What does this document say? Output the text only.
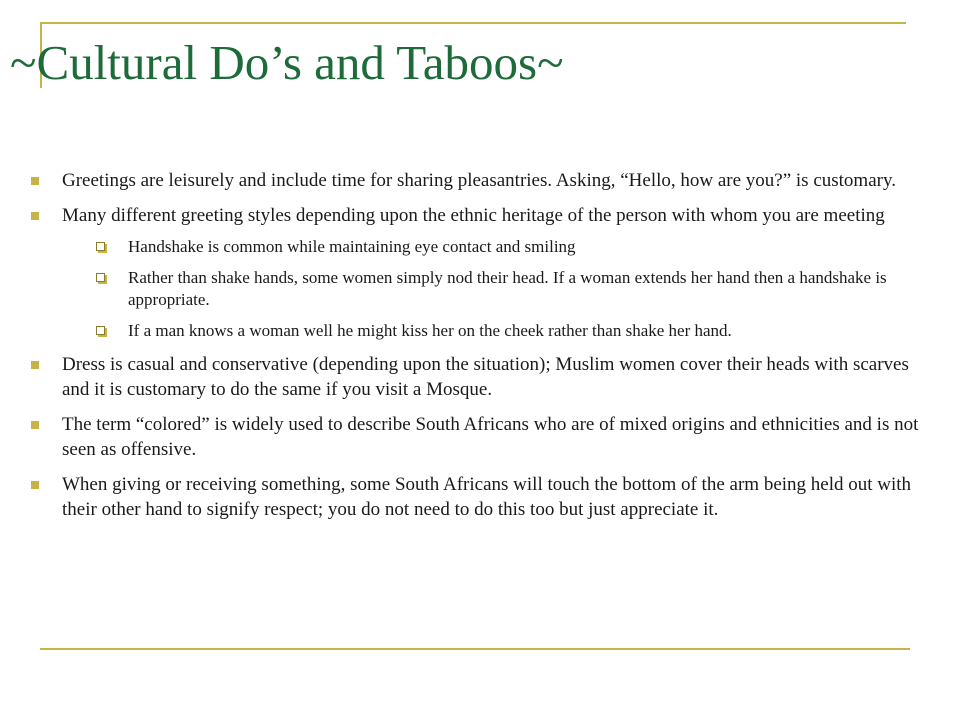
~Cultural Do’s and Taboos~
Greetings are leisurely and include time for sharing pleasantries. Asking, “Hello, how are you?” is customary.
Many different greeting styles depending upon the ethnic heritage of the person with whom you are meeting
Handshake is common while maintaining eye contact and smiling
Rather than shake hands, some women simply nod their head. If a woman extends her hand then a handshake is appropriate.
If a man knows a woman well he might kiss her on the cheek rather than shake her hand.
Dress is casual and conservative (depending upon the situation); Muslim women cover their heads with scarves and it is customary to do the same if you visit a Mosque.
The term “colored” is widely used to describe South Africans who are of mixed origins and ethnicities and is not seen as offensive.
When giving or receiving something, some South Africans will touch the bottom of the arm being held out with their other hand to signify respect; you do not need to do this too but just appreciate it.
